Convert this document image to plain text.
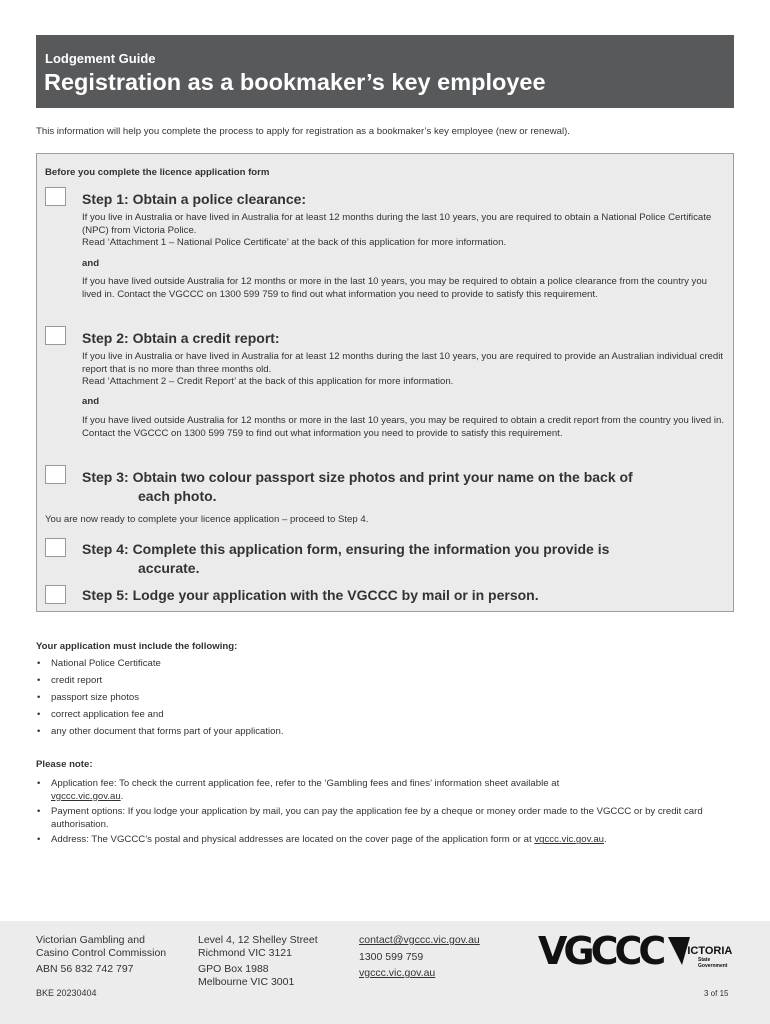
Lodgement Guide
Registration as a bookmaker’s key employee
This information will help you complete the process to apply for registration as a bookmaker’s key employee (new or renewal).
Before you complete the licence application form
Step 1: Obtain a police clearance:
If you live in Australia or have lived in Australia for at least 12 months during the last 10 years, you are required to obtain a National Police Certificate (NPC) from Victoria Police.
Read ‘Attachment 1 – National Police Certificate’ at the back of this application for more information.
and
If you have lived outside Australia for 12 months or more in the last 10 years, you may be required to obtain a police clearance from the country you lived in. Contact the VGCCC on 1300 599 759 to find out what information you need to provide to satisfy this requirement.
Step 2: Obtain a credit report:
If you live in Australia or have lived in Australia for at least 12 months during the last 10 years, you are required to provide an Australian individual credit report that is no more than three months old.
Read ‘Attachment 2 – Credit Report’ at the back of this application for more information.
and
If you have lived outside Australia for 12 months or more in the last 10 years, you may be required to obtain a credit report from the country you lived in. Contact the VGCCC on 1300 599 759 to find out what information you need to provide to satisfy this requirement.
Step 3: Obtain two colour passport size photos and print your name on the back of
each photo.
You are now ready to complete your licence application – proceed to Step 4.
Step 4: Complete this application form, ensuring the information you provide is
accurate.
Step 5: Lodge your application with the VGCCC by mail or in person.
Your application must include the following:
• National Police Certificate
• credit report
• passport size photos
• correct application fee and
• any other document that forms part of your application.
Please note:
• Application fee: To check the current application fee, refer to the ‘Gambling fees and fines’ information sheet available at
vgccc.vic.gov.au.
• Payment options: If you lodge your application by mail, you can pay the application fee by a cheque or money order made to the VGCCC or by credit card authorisation.
• Address: The VGCCC’s postal and physical addresses are located on the cover page of the application form or at vgccc.vic.gov.au.
Victorian Gambling and
Casino Control Commission
ABN 56 832 742 797
Level 4, 12 Shelley Street
Richmond VIC 3121
GPO Box 1988
Melbourne VIC 3001
contact@vgccc.vic.gov.au
1300 599 759
vgccc.vic.gov.au
BKE 20230404	3 of 15
VGCCC VICTORIA
State
Government
